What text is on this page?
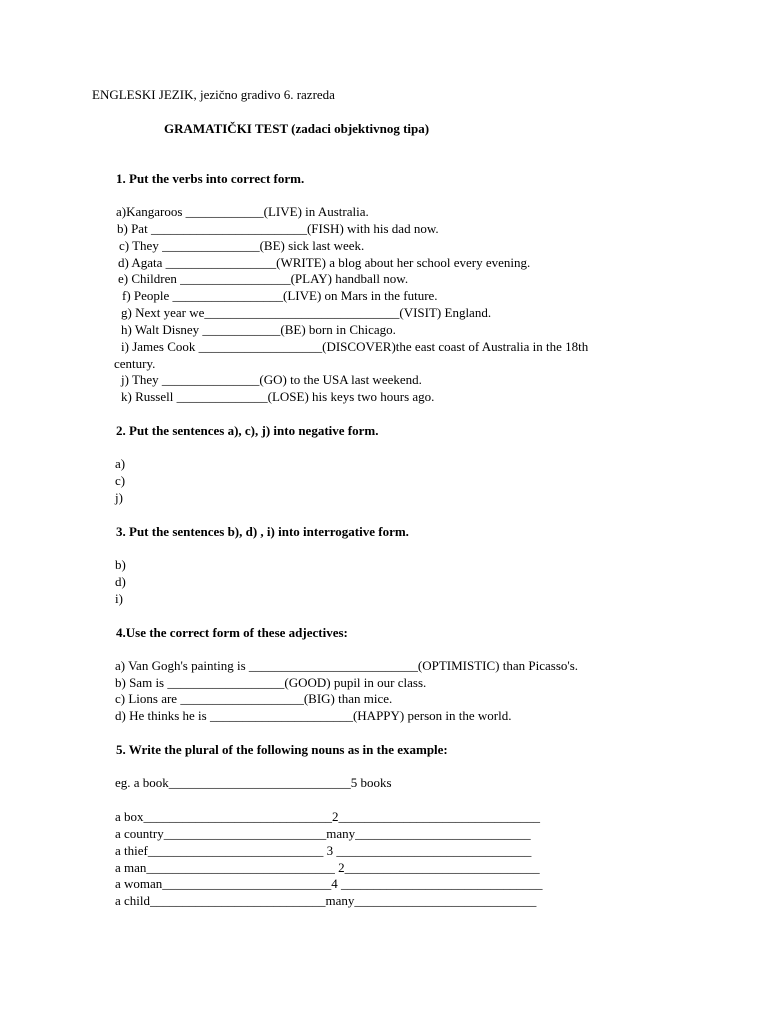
ENGLESKI JEZIK, jezično gradivo 6. razreda
GRAMATIČKI TEST (zadaci objektivnog tipa)
1. Put the verbs into correct form.
a)Kangaroos ____________(LIVE) in Australia.
b) Pat ________________________(FISH) with his dad now.
c) They _______________(BE) sick last week.
d) Agata _________________(WRITE) a blog about her school every evening.
e) Children _________________(PLAY) handball now.
f) People _________________(LIVE) on Mars in the future.
g) Next year we______________________________(VISIT) England.
h) Walt Disney ____________(BE) born in Chicago.
i) James Cook ___________________(DISCOVER)the east coast of Australia in the 18th
century.
j) They _______________(GO) to the USA last weekend.
k) Russell ______________(LOSE) his keys two hours ago.
2. Put the sentences a), c), j) into negative form.
a)
c)
j)
3. Put the sentences b), d) , i) into interrogative form.
b)
d)
i)
4.Use the correct form of these adjectives:
a) Van Gogh's painting is __________________________(OPTIMISTIC) than Picasso's.
b) Sam is __________________(GOOD) pupil in our class.
c) Lions are ___________________(BIG) than mice.
d) He thinks he is ______________________(HAPPY) person in the world.
5. Write the plural of the following nouns as in the example:
eg. a book____________________________5 books
a box_____________________________2_______________________________
a country_________________________many___________________________
a thief___________________________ 3 ______________________________
a man_____________________________ 2______________________________
a woman__________________________4 _______________________________
a child___________________________many____________________________
